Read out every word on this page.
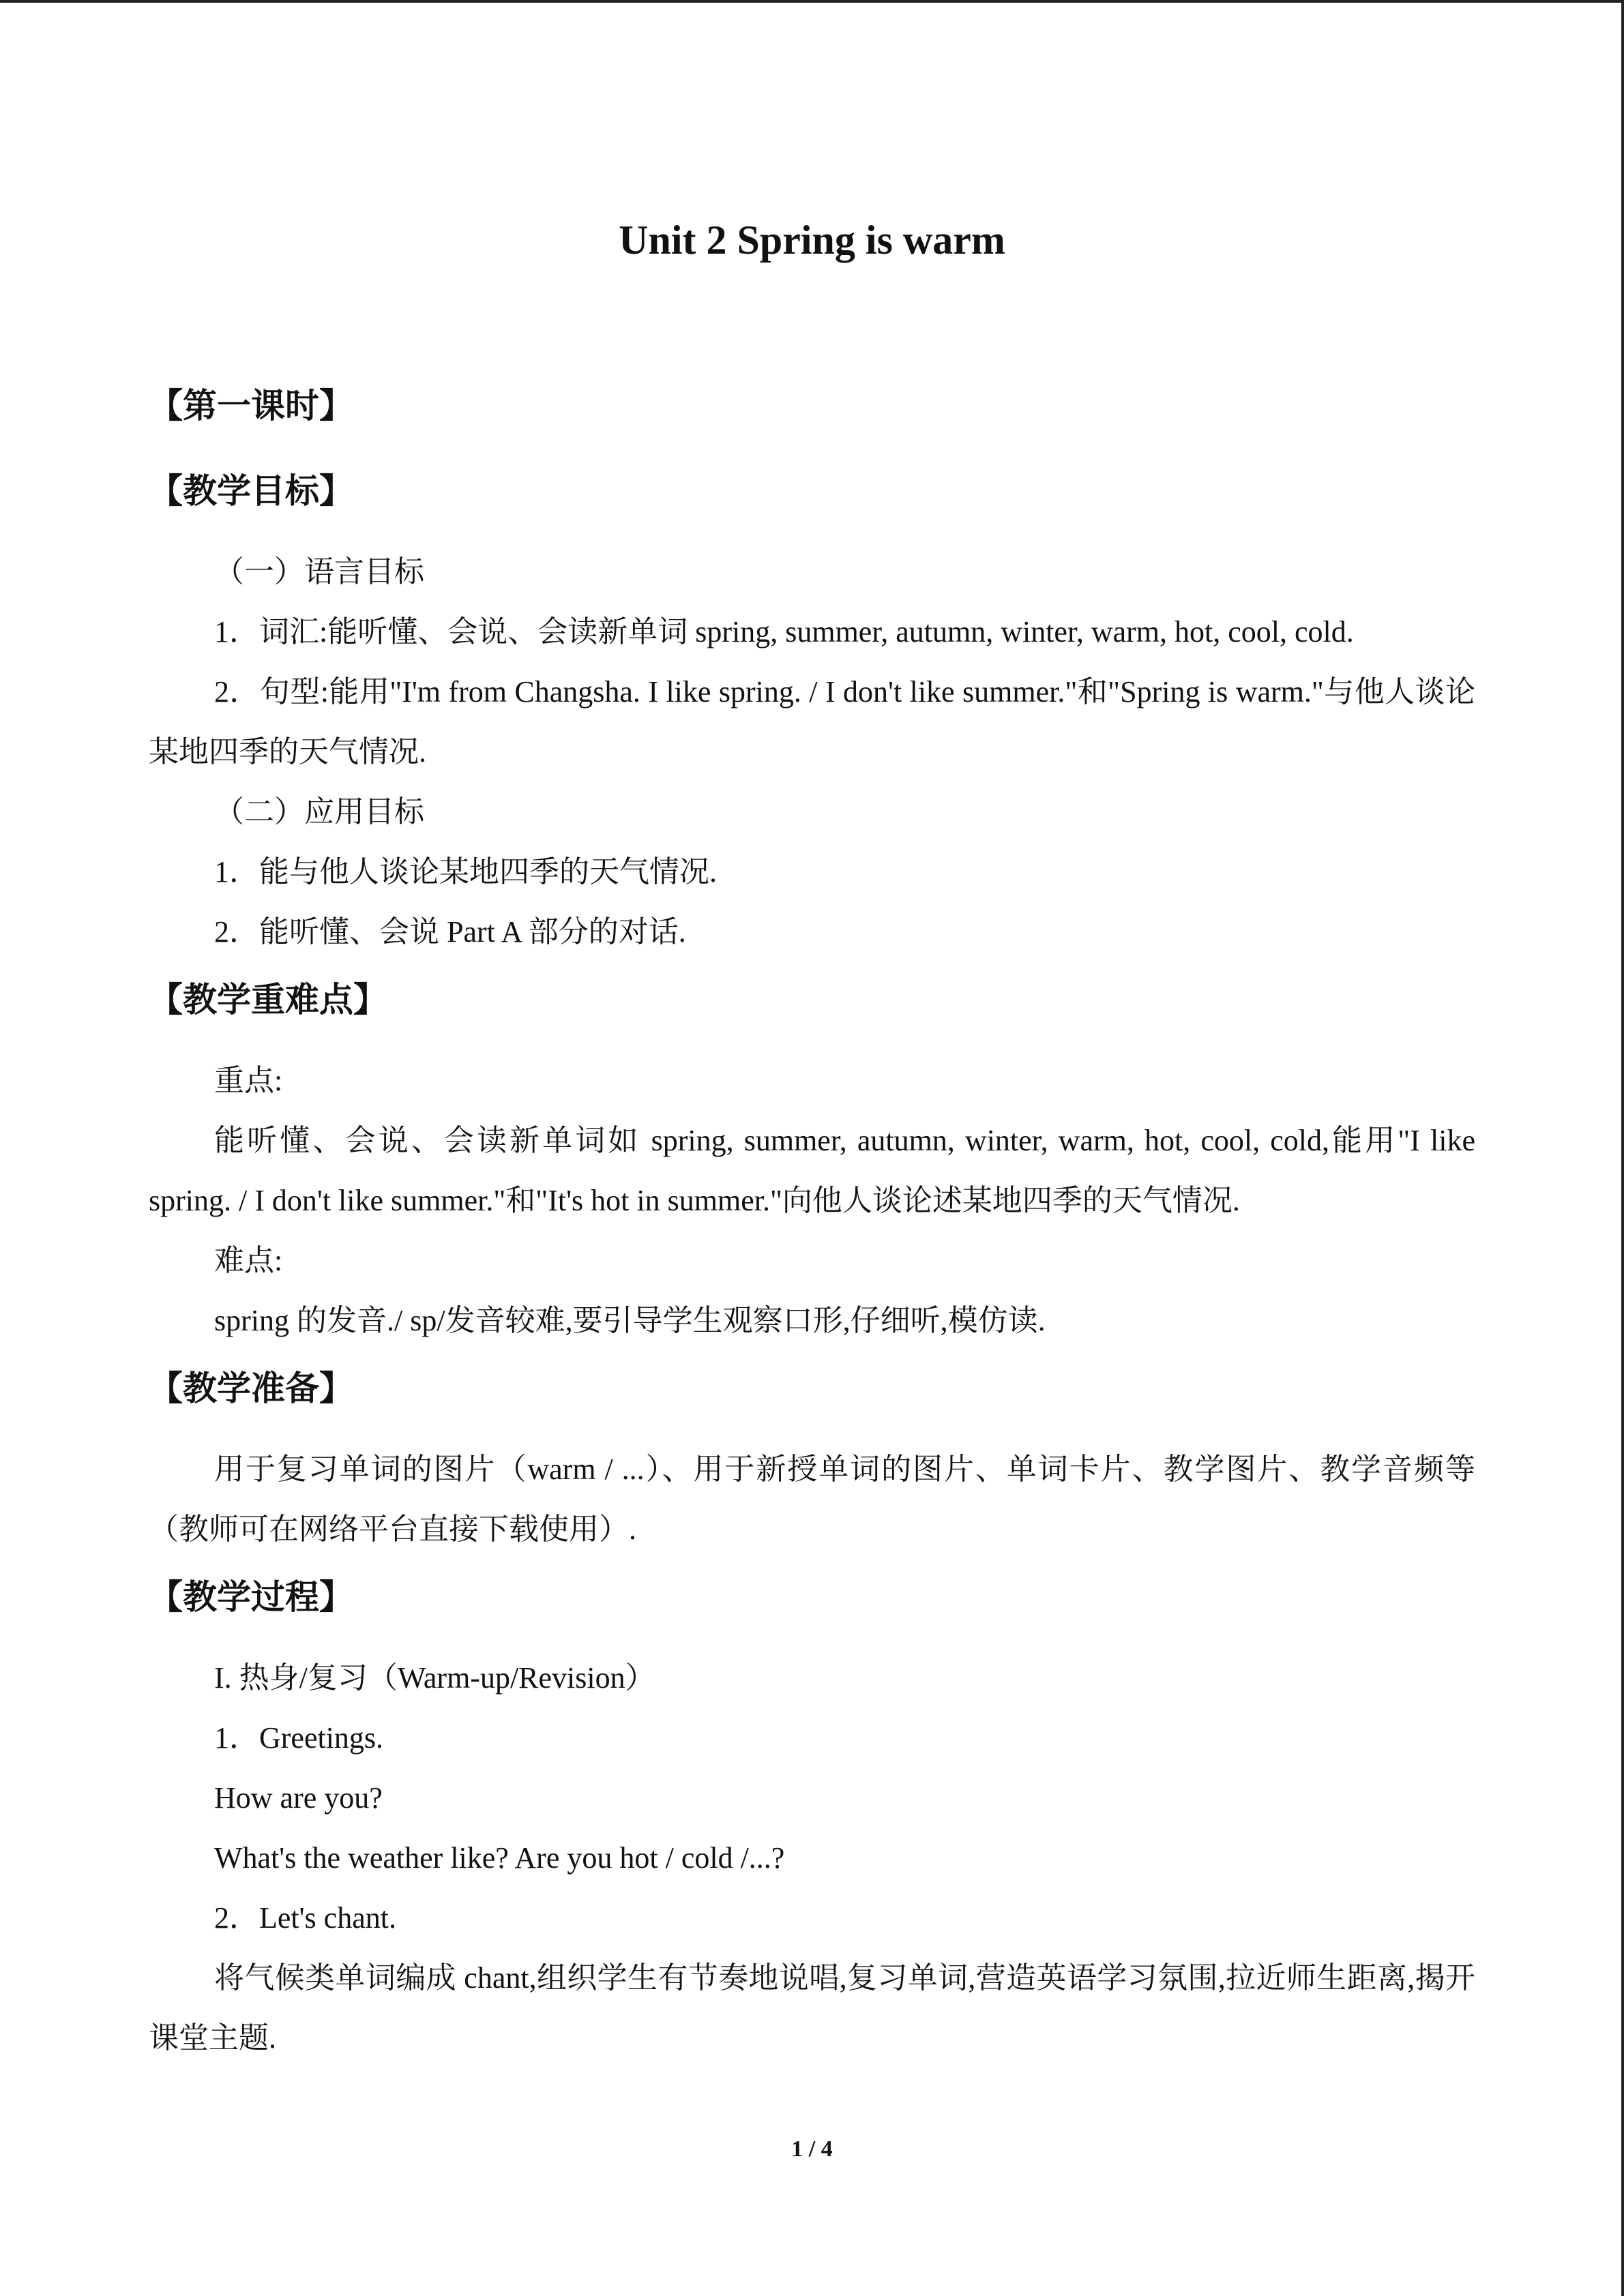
Unit 2 Spring is warm

【第一课时】

【教学目标】

（一）语言目标

1．词汇:能听懂、会说、会读新单词 spring, summer, autumn, winter, warm, hot, cool, cold.

2．句型:能用"I'm from Changsha. I like spring. / I don't like summer."和"Spring is warm."与他人谈论某地四季的天气情况.

（二）应用目标

1．能与他人谈论某地四季的天气情况.

2．能听懂、会说 Part A 部分的对话.

【教学重难点】

重点:

能听懂、会说、会读新单词如 spring, summer, autumn, winter, warm, hot, cool, cold,能用"I like spring. / I don't like summer."和"It's hot in summer."向他人谈论述某地四季的天气情况.

难点:

spring 的发音./ sp/发音较难,要引导学生观察口形,仔细听,模仿读.

【教学准备】

用于复习单词的图片（warm / ...）、用于新授单词的图片、单词卡片、教学图片、教学音频等（教师可在网络平台直接下载使用）.

【教学过程】

I. 热身/复习（Warm-up/Revision）

1．Greetings.

How are you?

What's the weather like? Are you hot / cold /...?

2．Let's chant.

将气候类单词编成 chant,组织学生有节奏地说唱,复习单词,营造英语学习氛围,拉近师生距离,揭开课堂主题.

1 / 4
